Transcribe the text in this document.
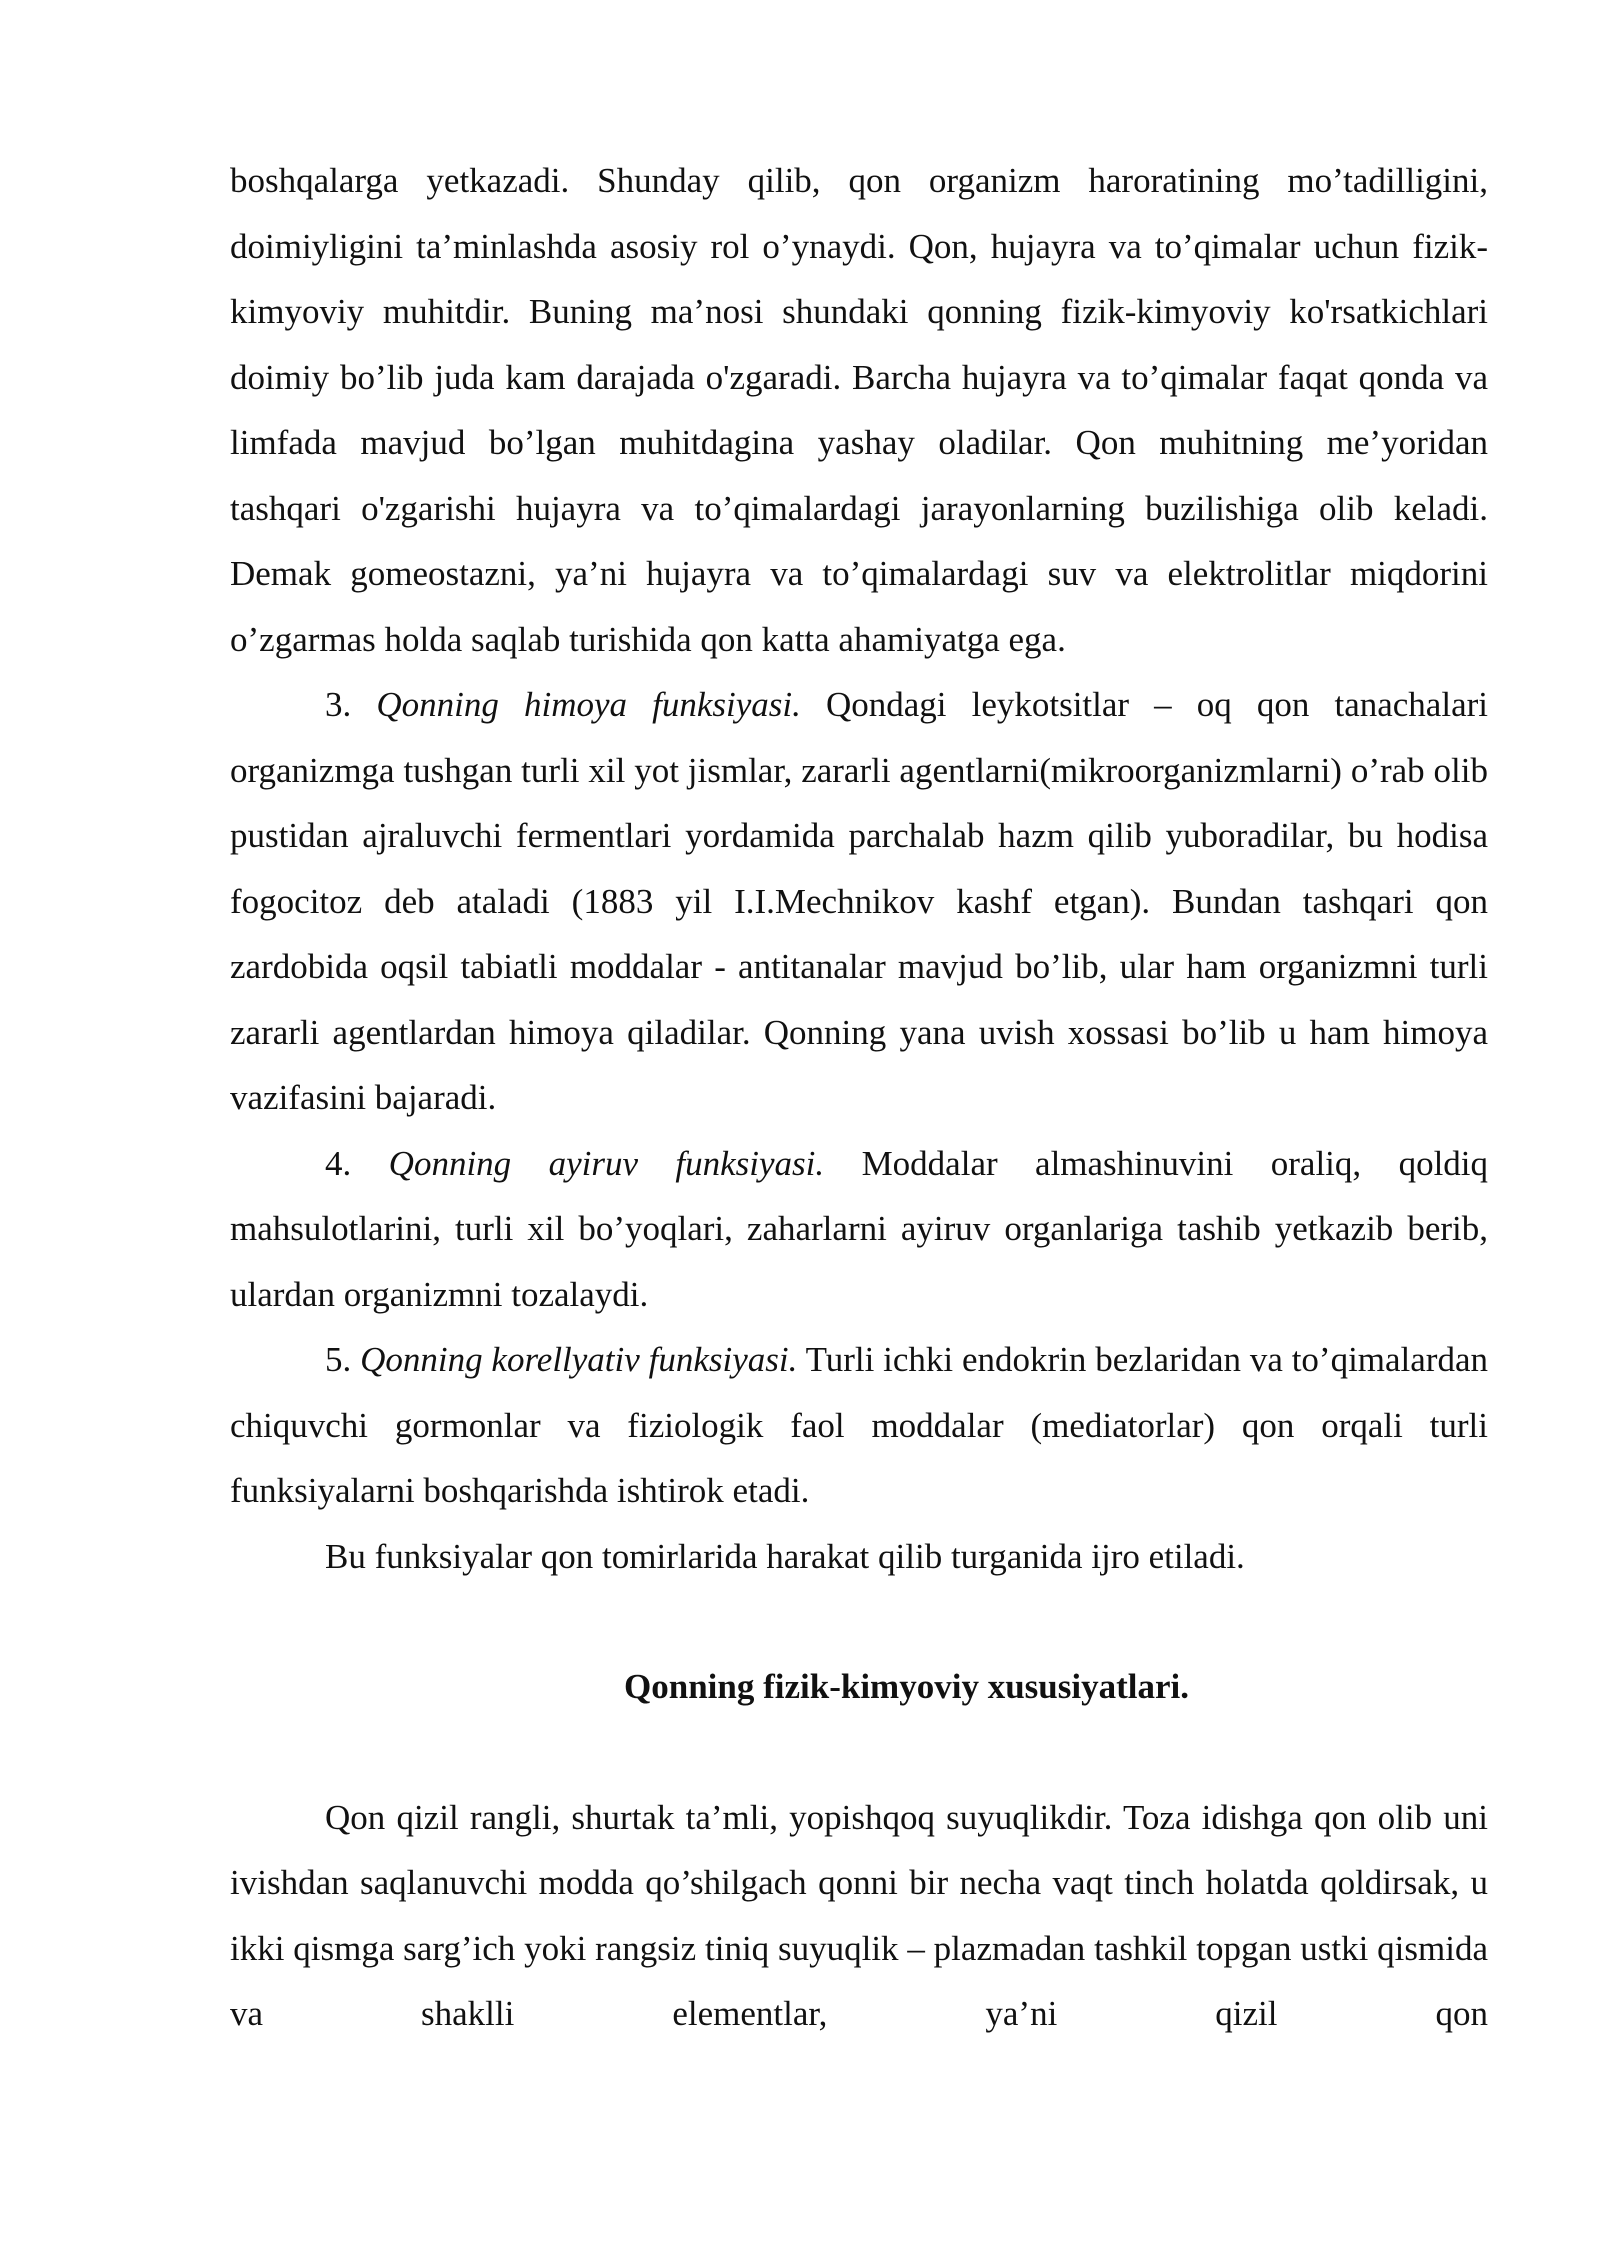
boshqalarga yetkazadi. Shunday qilib, qon organizm haroratining mo’tadilligini, doimiyligini ta’minlashda asosiy rol o’ynaydi. Qon, hujayra va to’qimalar uchun fizik-kimyoviy muhitdir. Buning ma’nosi shundaki qonning fizik-kimyoviy ko'rsatkichlari doimiy bo’lib juda kam darajada o'zgaradi. Barcha hujayra va to’qimalar faqat qonda va limfada mavjud bo’lgan muhitdagina yashay oladilar. Qon muhitning me’yoridan tashqari o'zgarishi hujayra va to’qimalardagi jarayonlarning buzilishiga olib keladi. Demak gomeostazni, ya’ni hujayra va to’qimalardagi suv va elektrolitlar miqdorini o’zgarmas holda saqlab turishida qon katta ahamiyatga ega.

3. Qonning himoya funksiyasi. Qondagi leykotsitlar – oq qon tanachalari organizmga tushgan turli xil yot jismlar, zararli agentlarni(mikroorganizmlarni) o’rab olib pustidan ajraluvchi fermentlari yordamida parchalab hazm qilib yuboradilar, bu hodisa fogocitoz deb ataladi (1883 yil I.I.Mechnikov kashf etgan). Bundan tashqari qon zardobida oqsil tabiatli moddalar - antitanalar mavjud bo’lib, ular ham organizmni turli zararli agentlardan himoya qiladilar. Qonning yana uvish xossasi bo’lib u ham himoya vazifasini bajaradi.

4. Qonning ayiruv funksiyasi. Moddalar almashinuvini oraliq, qoldiq mahsulotlarini, turli xil bo’yoqlari, zaharlarni ayiruv organlariga tashib yetkazib berib, ulardan organizmni tozalaydi.

5. Qonning korellyativ funksiyasi. Turli ichki endokrin bezlaridan va to’qimalardan chiquvchi gormonlar va fiziologik faol moddalar (mediatorlar) qon orqali turli funksiyalarni boshqarishda ishtirok etadi.

Bu funksiyalar qon tomirlarida harakat qilib turganida ijro etiladi.

Qonning fizik-kimyoviy xususiyatlari.

Qon qizil rangli, shurtak ta’mli, yopishqoq suyuqlikdir. Toza idishga qon olib uni ivishdan saqlanuvchi modda qo’shilgach qonni bir necha vaqt tinch holatda qoldirsak, u ikki qismga sarg’ich yoki rangsiz tiniq suyuqlik – plazmadan tashkil topgan ustki qismida va shaklli elementlar, ya’ni qizil qon
